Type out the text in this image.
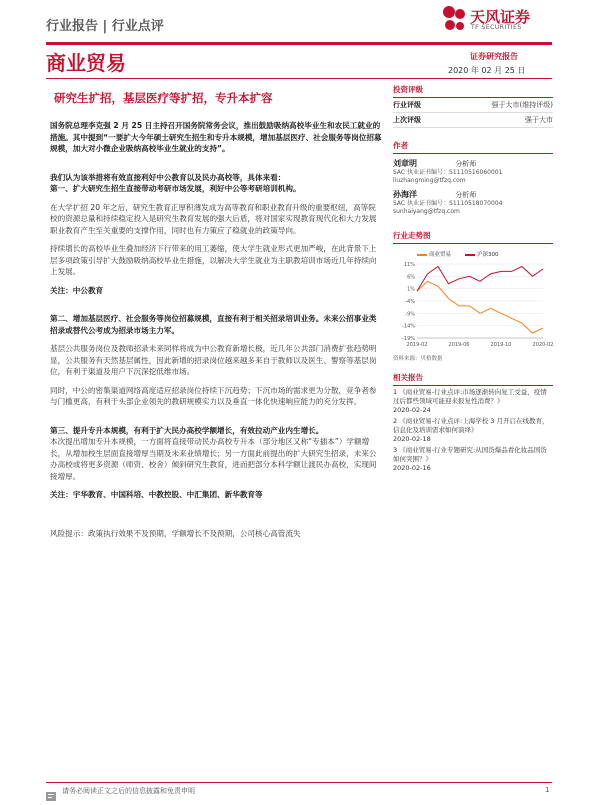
行业报告 | 行业点评
天风证券
TF SECURITIES
商业贸易	证券研究报告
2020 年 02 月 25 日
研究生扩招，基层医疗等扩招，专升本扩容

国务院总理李克强 2 月 25 日主持召开国务院常务会议，推出鼓励吸纳高校毕业生和农民工就业的措施。其中提到“一要扩大今年硕士研究生招生和专升本规模，增加基层医疗、社会服务等岗位招募规模，加大对小微企业吸纳高校毕业生就业的支持”。

我们认为该举措将有效直接利好中公教育以及民办高校等，具体来看：
第一、扩大研究生招生直接带动考研市场发展，利好中公等考研培训机构。

在大学扩招 20 年之后，研究生教育正厚积薄发成为高等教育和职业教育升级的重要枢纽，高等院校的资源总量和持续稳定投入是研究生教育发展的强大后盾，将对国家实现教育现代化和大力发展职业教育产生至关重要的支撑作用，同时也有力策应了稳就业的政策导向。

持续增长的高校毕业生叠加经济下行带来的用工萎缩，使大学生就业形式更加严峻，在此背景下上层多项政策引导扩大鼓励吸纳高校毕业生措施，以解决大学生就业为主职教培训市场近几年持续向上发展。

关注：中公教育

第二、增加基层医疗、社会服务等岗位招募规模，直接有利于相关招录培训业务。未来公招事业类招录或替代公考成为招录市场主力军。

基层公共服务岗位及教师招录未来同样将成为中公教育新增长极，近几年公共部门消费扩张趋势明显，公共服务有天然基层属性，因此新增的招录岗位越来越多来自于教师以及医生、警察等基层岗位，有利于渠道及用户下沉深挖低维市场。

同时，中公的密集渠道网络高度适应招录岗位持续下沉趋势；下沉市场的需求更为分散，竞争者参与门槛更高，有利于头部企业领先的教研规模实力以及垂直一体化快速响应能力的充分发挥。

第三、提升专升本规模，有利于扩大民办高校学额增长，有效拉动产业内生增长。

本次提出增加专升本规模，一方面将直接带动民办高校专升本（部分地区又称“专插本”）学额增长，从增加校生层面直接增厚当期及未来业绩增长；另一方面此前提出的扩大研究生招录，未来公办高校或将更多资源（师资、校舍）倾斜研究生教育，进而把部分本科学额让渡民办高校，实现间接增厚。

关注：宇华教育、中国科培、中教控股、中汇集团、新华教育等

风险提示：政策执行效果不及预期，学额增长不及预期，公司核心高管流失

投资评级
行业评级	强于大市(维持评级)
上次评级	强于大市
作者
刘章明	分析师
SAC 执业证书编号：S1110516060001
liuzhangming@tfzq.com
孙海洋	分析师
SAC 执业证书编号：S1110518070004
sunhaiyang@tfzq.com
行业走势图
商业贸易	沪深300
11%
6%
1%
-4%
-9%
-14%
-19%
2019-02	2019-06	2019-10	2020-02
资料来源：贝格数据
相关报告
1 《商业贸易-行业点评:市场逐渐转向复工受益，疫情过后都些领域可能迎来报复性消费？》
2020-02-24
2 《商业贸易-行业点评:上海学校 3 月开启在线教育，信息化及培训需求如何演绎》
2020-02-18
3 《商业贸易-行业专题研究:从国货爆品看化妆品国货如何突围？》
2020-02-16
请务必阅读正文之后的信息披露和免责申明	1
